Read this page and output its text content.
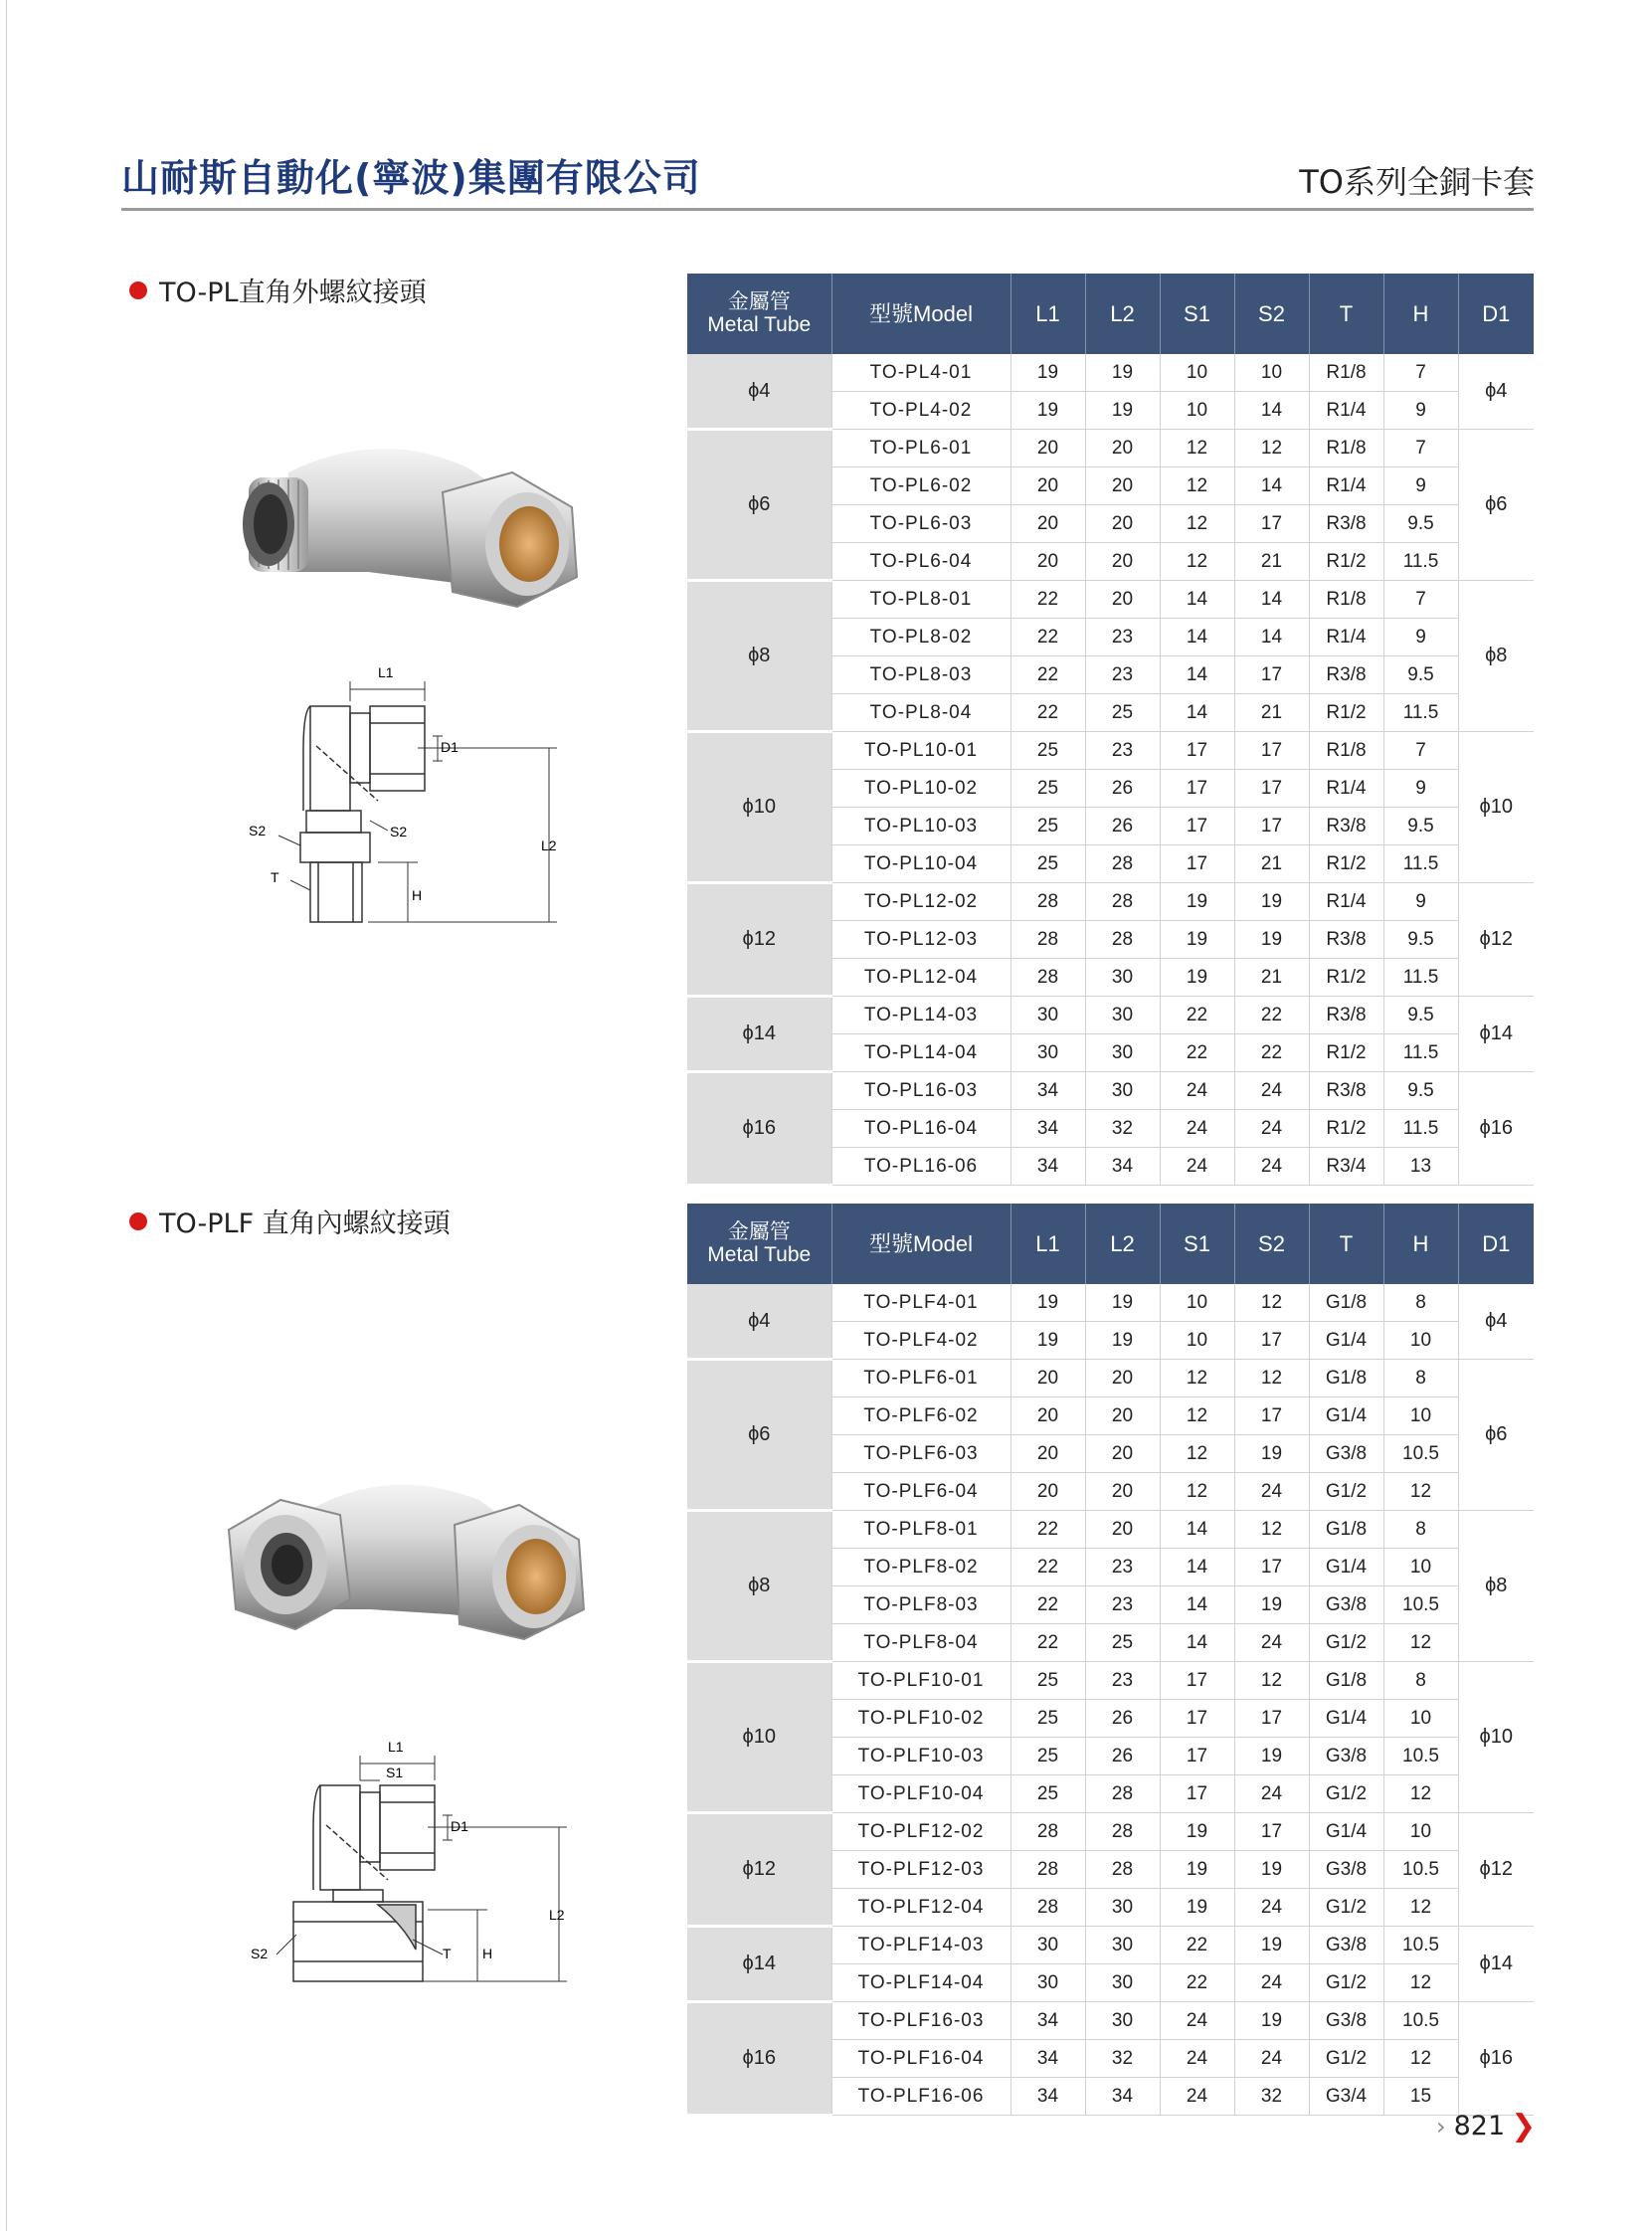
山耐斯自動化(寧波)集團有限公司	TO系列全銅卡套
TO-PL直角外螺紋接頭
L1
D1
S2	S2
L2
T
H
金屬管
Metal Tube	型號Model	L1	L2	S1	S2	T	H	D1
ϕ4	TO-PL4-01	19	19	10	10	R1/8	7	ϕ4
	TO-PL4-02	19	19	10	14	R1/4	9	
ϕ6	TO-PL6-01	20	20	12	12	R1/8	7	ϕ6
	TO-PL6-02	20	20	12	14	R1/4	9	
	TO-PL6-03	20	20	12	17	R3/8	9.5	
	TO-PL6-04	20	20	12	21	R1/2	11.5	
ϕ8	TO-PL8-01	22	20	14	14	R1/8	7	ϕ8
	TO-PL8-02	22	23	14	14	R1/4	9	
	TO-PL8-03	22	23	14	17	R3/8	9.5	
	TO-PL8-04	22	25	14	21	R1/2	11.5	
ϕ10	TO-PL10-01	25	23	17	17	R1/8	7	ϕ10
	TO-PL10-02	25	26	17	17	R1/4	9	
	TO-PL10-03	25	26	17	17	R3/8	9.5	
	TO-PL10-04	25	28	17	21	R1/2	11.5	
ϕ12	TO-PL12-02	28	28	19	19	R1/4	9	ϕ12
	TO-PL12-03	28	28	19	19	R3/8	9.5	
	TO-PL12-04	28	30	19	21	R1/2	11.5	
ϕ14	TO-PL14-03	30	30	22	22	R3/8	9.5	ϕ14
	TO-PL14-04	30	30	22	22	R1/2	11.5	
ϕ16	TO-PL16-03	34	30	24	24	R3/8	9.5	ϕ16
	TO-PL16-04	34	32	24	24	R1/2	11.5	
	TO-PL16-06	34	34	24	24	R3/4	13	
TO-PLF 直角內螺紋接頭
L1
S1
D1
L2
S2	T H
金屬管
Metal Tube	型號Model	L1	L2	S1	S2	T	H	D1
ϕ4	TO-PLF4-01	19	19	10	12	G1/8	8	ϕ4
	TO-PLF4-02	19	19	10	17	G1/4	10	
ϕ6	TO-PLF6-01	20	20	12	12	G1/8	8	ϕ6
	TO-PLF6-02	20	20	12	17	G1/4	10	
	TO-PLF6-03	20	20	12	19	G3/8	10.5	
	TO-PLF6-04	20	20	12	24	G1/2	12	
ϕ8	TO-PLF8-01	22	20	14	12	G1/8	8	ϕ8
	TO-PLF8-02	22	23	14	17	G1/4	10	
	TO-PLF8-03	22	23	14	19	G3/8	10.5	
	TO-PLF8-04	22	25	14	24	G1/2	12	
ϕ10	TO-PLF10-01	25	23	17	12	G1/8	8	ϕ10
	TO-PLF10-02	25	26	17	17	G1/4	10	
	TO-PLF10-03	25	26	17	19	G3/8	10.5	
	TO-PLF10-04	25	28	17	24	G1/2	12	
ϕ12	TO-PLF12-02	28	28	19	17	G1/4	10	ϕ12
	TO-PLF12-03	28	28	19	19	G3/8	10.5	
	TO-PLF12-04	28	30	19	24	G1/2	12	
ϕ14	TO-PLF14-03	30	30	22	19	G3/8	10.5	ϕ14
	TO-PLF14-04	30	30	22	24	G1/2	12	
ϕ16	TO-PLF16-03	34	30	24	19	G3/8	10.5	ϕ16
	TO-PLF16-04	34	32	24	24	G1/2	12	
	TO-PLF16-06	34	34	24	32	G3/4	15	
› 821 ❯
